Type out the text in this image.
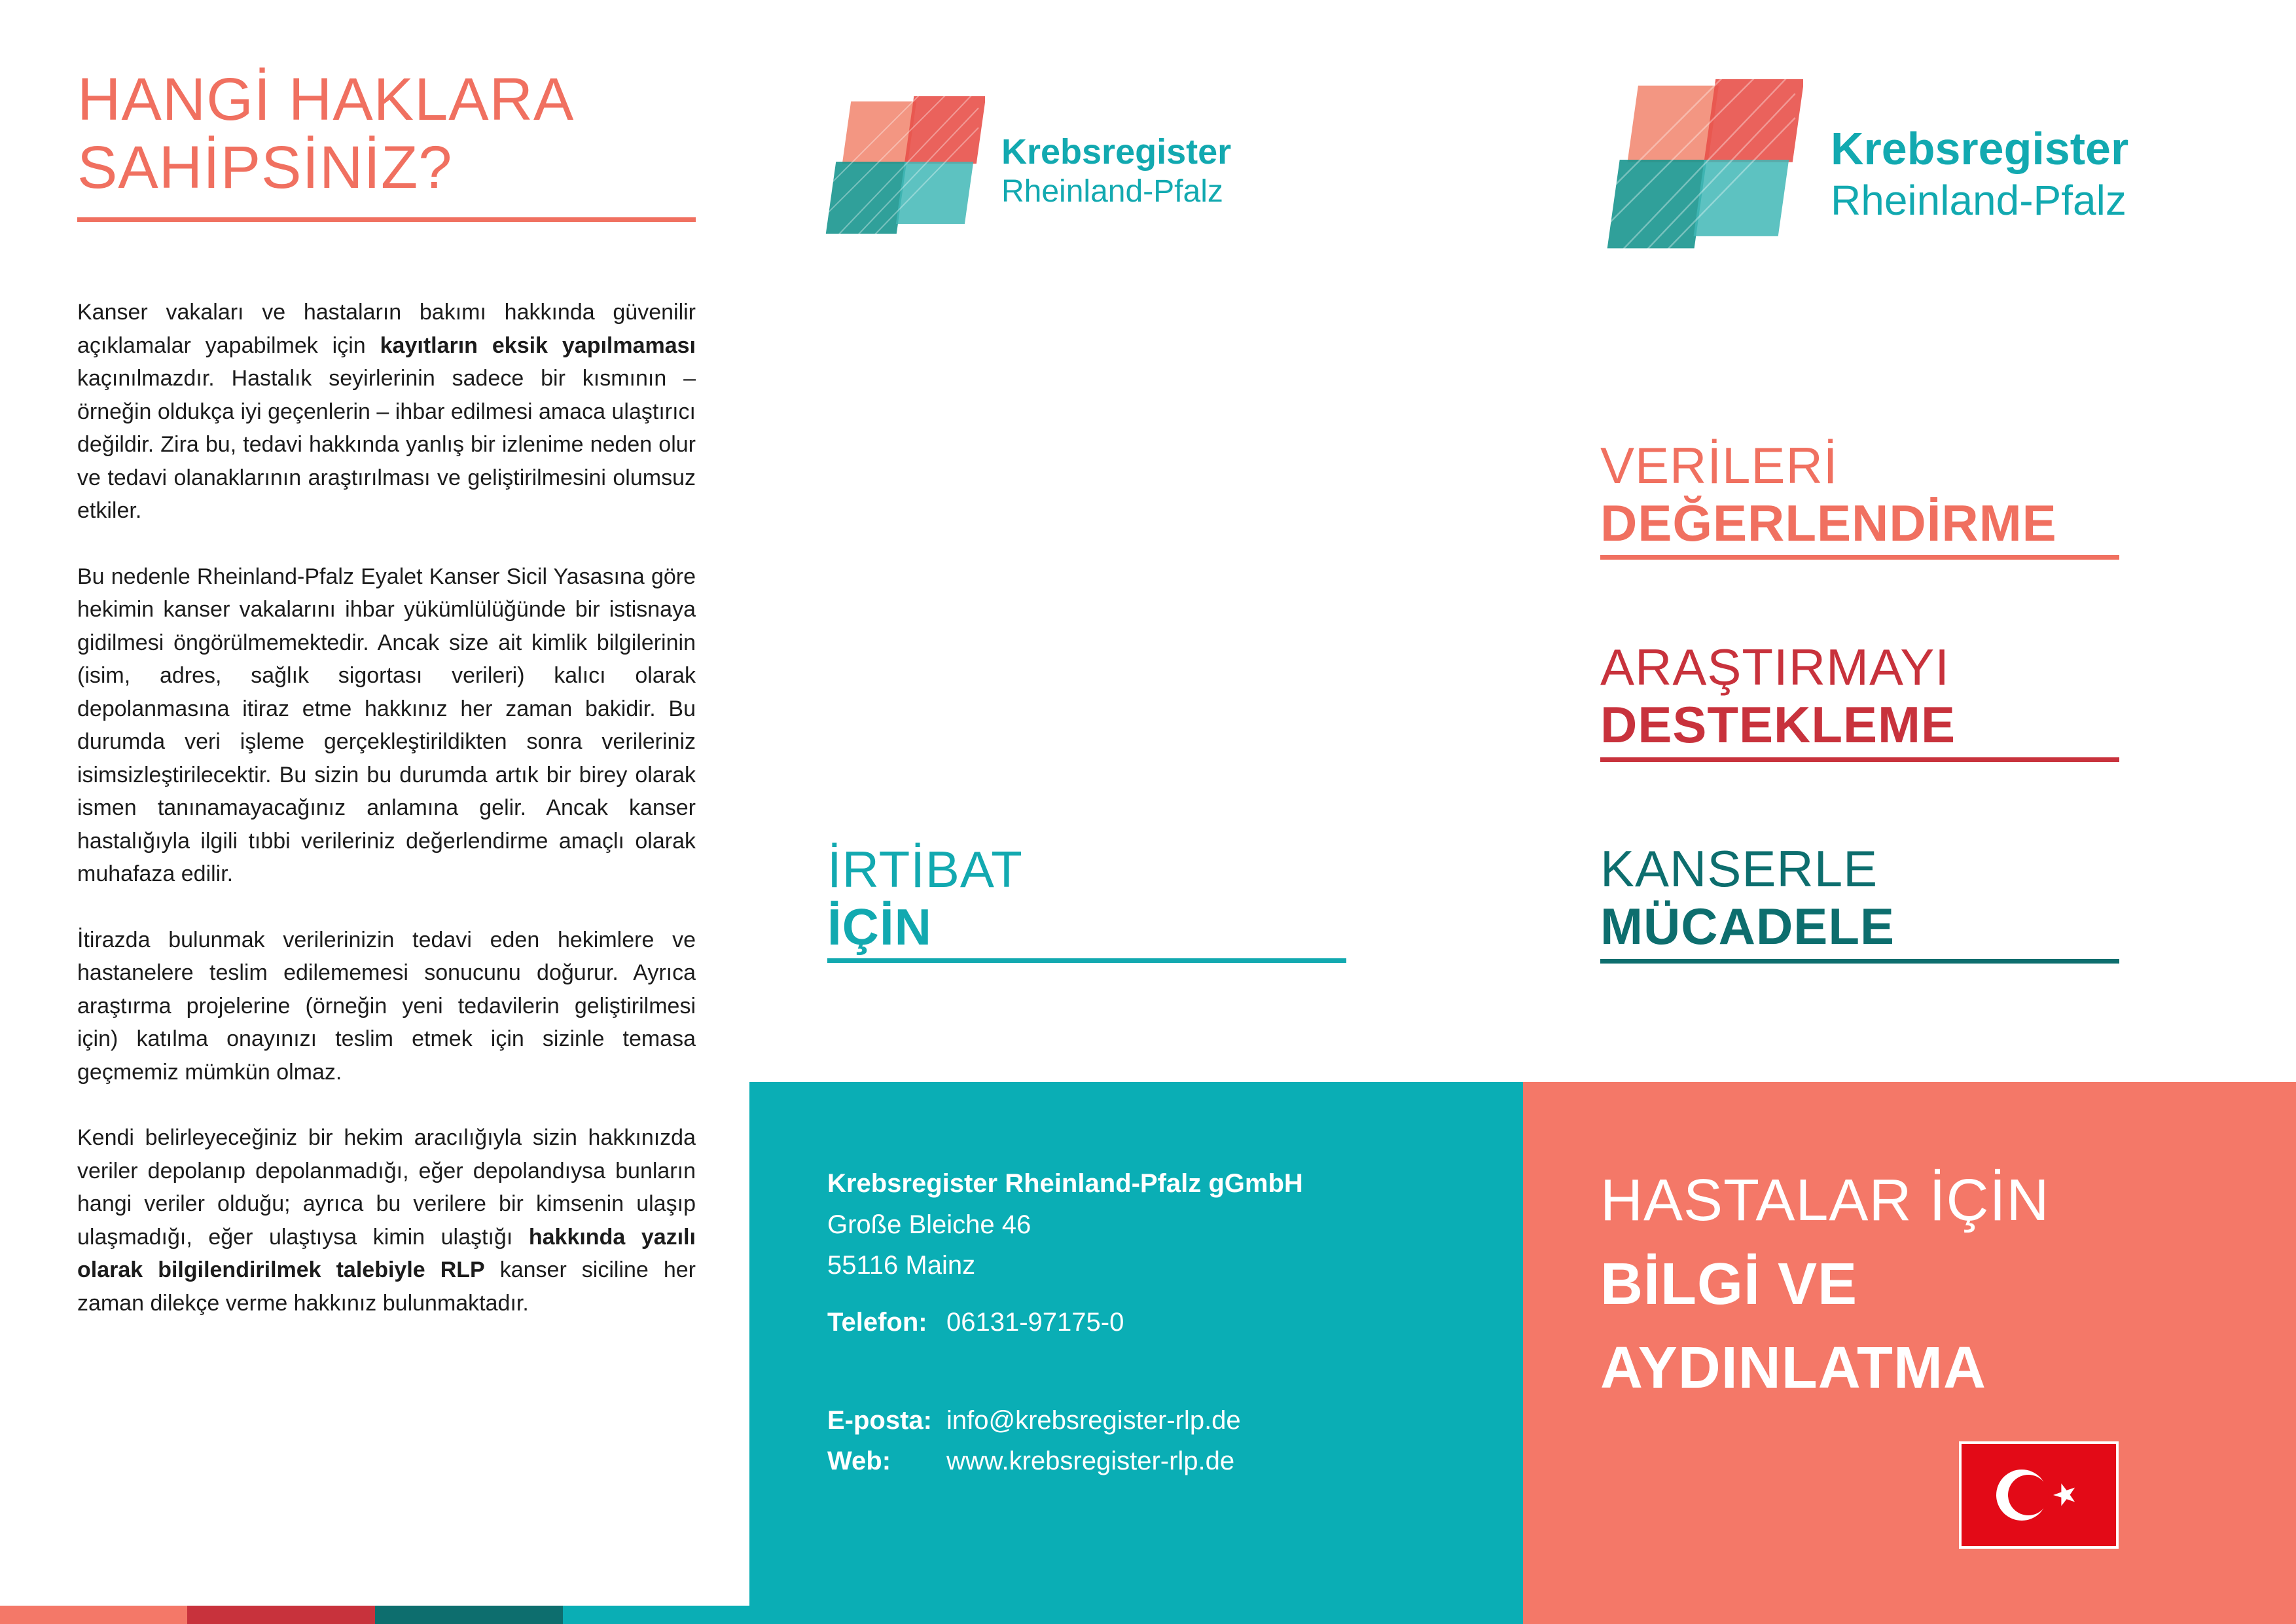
HANGİ HAKLARA
SAHİPSİNİZ?

Kanser vakaları ve hastaların bakımı hakkında güvenilir açıklamalar yapabilmek için kayıtların eksik yapılmaması kaçınılmazdır. Hastalık seyirlerinin sadece bir kısmının – örneğin oldukça iyi geçenlerin – ihbar edilmesi amaca ulaştırıcı değildir. Zira bu, tedavi hakkında yanlış bir izlenime neden olur ve tedavi olanaklarının araştırılması ve geliştirilmesini olumsuz etkiler.

Bu nedenle Rheinland-Pfalz Eyalet Kanser Sicil Yasasına göre hekimin kanser vakalarını ihbar yükümlülüğünde bir istisnaya gidilmesi öngörülmemektedir. Ancak size ait kimlik bilgilerinin (isim, adres, sağlık sigortası verileri) kalıcı olarak depolanmasına itiraz etme hakkınız her zaman bakidir. Bu durumda veri işleme gerçekleştirildikten sonra verileriniz isimsizleştirilecektir. Bu sizin bu durumda artık bir birey olarak ismen tanınamayacağınız anlamına gelir. Ancak kanser hastalığıyla ilgili tıbbi verileriniz değerlendirme amaçlı olarak muhafaza edilir.

İtirazda bulunmak verilerinizin tedavi eden hekimlere ve hastanelere teslim edilememesi sonucunu doğurur. Ayrıca araştırma projelerine (örneğin yeni tedavilerin geliştirilmesi için) katılma onayınızı teslim etmek için sizinle temasa geçmemiz mümkün olmaz.

Kendi belirleyeceğiniz bir hekim aracılığıyla sizin hakkınızda veriler depolanıp depolanmadığı, eğer depolandıysa bunların hangi veriler olduğu; ayrıca bu verilere bir kimsenin ulaşıp ulaşmadığı, eğer ulaştıysa kimin ulaştığı hakkında yazılı olarak bilgilendirilmek talebiyle RLP kanser siciline her zaman dilekçe verme hakkınız bulunmaktadır.

Krebsregister
Rheinland-Pfalz
İRTİBAT
İÇİN
Krebsregister
Rheinland-Pfalz
VERİLERİ
DEĞERLENDİRME
ARAŞTIRMAYI
DESTEKLEME
KANSERLE
MÜCADELE
Krebsregister Rheinland-Pfalz gGmbH
Große Bleiche 46
55116 Mainz
Telefon: 06131-97175-0
E-posta: info@krebsregister-rlp.de
Web: www.krebsregister-rlp.de
HASTALAR İÇİN
BİLGİ VE
AYDINLATMA
